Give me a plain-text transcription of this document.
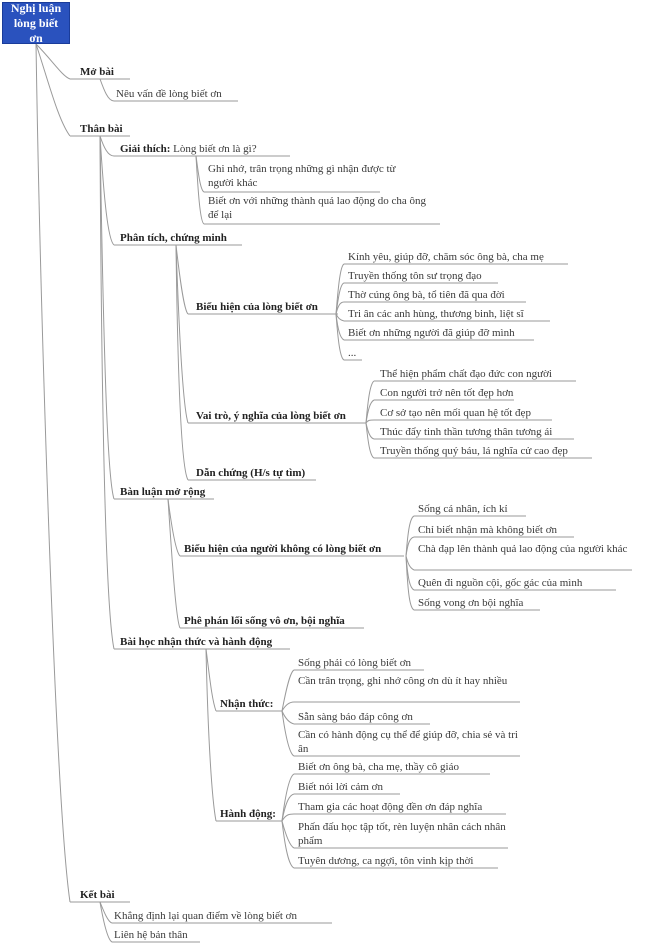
Nghị luận lòng biết ơn
Mở bài
Nêu vấn đề lòng biết ơn
Thân bài
Giải thích: Lòng biết ơn là gì?
Ghi nhớ, trân trọng những gì nhận được từ người khác
Biết ơn với những thành quả lao động do cha ông để lại
Phân tích, chứng minh
Biểu hiện của lòng biết ơn
Kính yêu, giúp đỡ, chăm sóc ông bà, cha mẹ
Truyền thống tôn sư trọng đạo
Thờ cúng ông bà, tổ tiên đã qua đời
Tri ân các anh hùng, thương binh, liệt sĩ
Biết ơn những người đã giúp đỡ mình
...
Vai trò, ý nghĩa của lòng biết ơn
Thể hiện phẩm chất đạo đức con người
Con người trở nên tốt đẹp hơn
Cơ sở tạo nên mối quan hệ tốt đẹp
Thúc đẩy tinh thần tương thân tương ái
Truyền thống quý báu, lá nghĩa cử cao đẹp
Dẫn chứng (H/s tự tìm)
Bàn luận mở rộng
Biểu hiện của người không có lòng biết ơn
Sống cá nhân, ích kỉ
Chỉ biết nhận mà không biết ơn
Chà đạp lên thành quả lao động của người khác
Quên đi nguồn cội, gốc gác của mình
Sống vong ơn bội nghĩa
Phê phán lối sống vô ơn, bội nghĩa
Bài học nhận thức và hành động
Nhận thức:
Sống phải có lòng biết ơn
Cần trân trọng, ghi nhớ công ơn dù ít hay nhiều
Sẵn sàng báo đáp công ơn
Cần có hành động cụ thể để giúp đỡ, chia sẻ và tri ân
Hành động:
Biết ơn ông bà, cha mẹ, thầy cô giáo
Biết nói lời cảm ơn
Tham gia các hoạt động đền ơn đáp nghĩa
Phấn đấu học tập tốt, rèn luyện nhân cách nhân phẩm
Tuyên dương, ca ngợi, tôn vinh kịp thời
Kết bài
Khẳng định lại quan điểm về lòng biết ơn
Liên hệ bản thân
